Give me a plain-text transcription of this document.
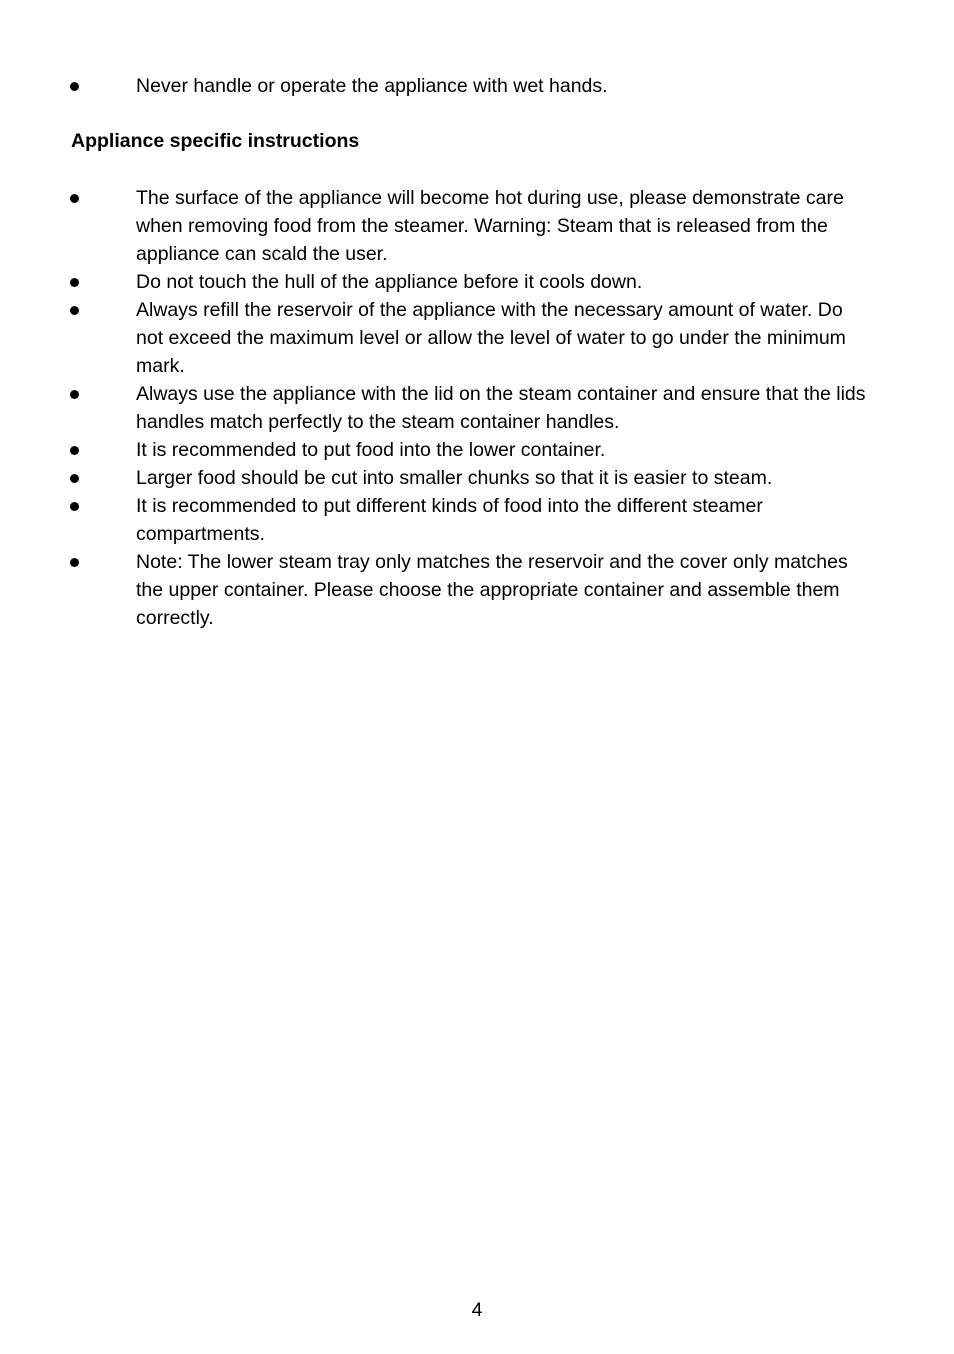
Never handle or operate the appliance with wet hands.
Appliance specific instructions
The surface of the appliance will become hot during use, please demonstrate care when removing food from the steamer. Warning: Steam that is released from the appliance can scald the user.
Do not touch the hull of the appliance before it cools down.
Always refill the reservoir of the appliance with the necessary amount of water. Do not exceed the maximum level or allow the level of water to go under the minimum mark.
Always use the appliance with the lid on the steam container and ensure that the lids handles match perfectly to the steam container handles.
It is recommended to put food into the lower container.
Larger food should be cut into smaller chunks so that it is easier to steam.
It is recommended to put different kinds of food into the different steamer compartments.
Note: The lower steam tray only matches the reservoir and the cover only matches the upper container. Please choose the appropriate container and assemble them correctly.
4
